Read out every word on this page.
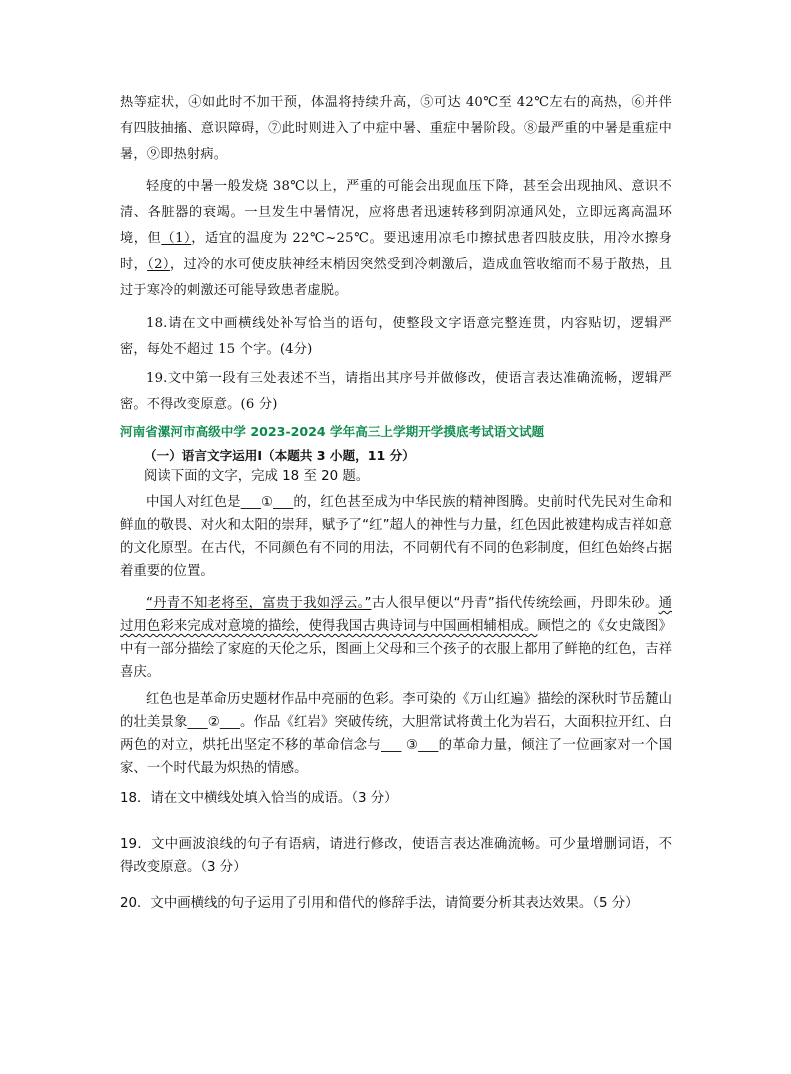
热等症状，④如此时不加干预，体温将持续升高，⑤可达 40℃至 42℃左右的高热，⑥并伴有四肢抽搐、意识障碍，⑦此时则进入了中症中暑、重症中暑阶段。⑧最严重的中暑是重症中暑，⑨即热射病。

轻度的中暑一般发烧 38℃以上，严重的可能会出现血压下降，甚至会出现抽风、意识不清、各脏器的衰竭。一旦发生中暑情况，应将患者迅速转移到阴凉通风处，立即远离高温环境，但（1），适宜的温度为 22℃~25℃。要迅速用凉毛巾擦拭患者四肢皮肤，用冷水擦身时，（2），过冷的水可使皮肤神经末梢因突然受到冷刺激后，造成血管收缩而不易于散热，且过于寒冷的刺激还可能导致患者虚脱。

18.请在文中画横线处补写恰当的语句，使整段文字语意完整连贯，内容贴切，逻辑严密，每处不超过 15 个字。(4分)

19.文中第一段有三处表述不当，请指出其序号并做修改，使语言表达准确流畅，逻辑严密。不得改变原意。(6 分)

河南省漯河市高级中学 2023-2024 学年高三上学期开学摸底考试语文试题

（一）语言文字运用Ⅰ（本题共 3 小题，11 分）

阅读下面的文字，完成 18 至 20 题。

中国人对红色是___①___的，红色甚至成为中华民族的精神图腾。史前时代先民对生命和鲜血的敬畏、对火和太阳的崇拜，赋予了“红”超人的神性与力量，红色因此被建构成吉祥如意的文化原型。在古代，不同颜色有不同的用法，不同朝代有不同的色彩制度，但红色始终占据着重要的位置。

“丹青不知老将至，富贵于我如浮云。”古人很早便以“丹青”指代传统绘画，丹即朱砂。通过用色彩来完成对意境的描绘，使得我国古典诗词与中国画相辅相成。顾恺之的《女史箴图》中有一部分描绘了家庭的天伦之乐，图画上父母和三个孩子的衣服上都用了鲜艳的红色，吉祥喜庆。

红色也是革命历史题材作品中亮丽的色彩。李可染的《万山红遍》描绘的深秋时节岳麓山的壮美景象___②___。作品《红岩》突破传统，大胆常试将黄土化为岩石，大面积拉开红、白两色的对立，烘托出坚定不移的革命信念与___ ③___的革命力量，倾注了一位画家对一个国家、一个时代最为炽热的情感。

18．请在文中横线处填入恰当的成语。（3 分）

19．文中画波浪线的句子有语病，请进行修改，使语言表达准确流畅。可少量增删词语，不得改变原意。（3 分）

20．文中画横线的句子运用了引用和借代的修辞手法，请简要分析其表达效果。（5 分）
